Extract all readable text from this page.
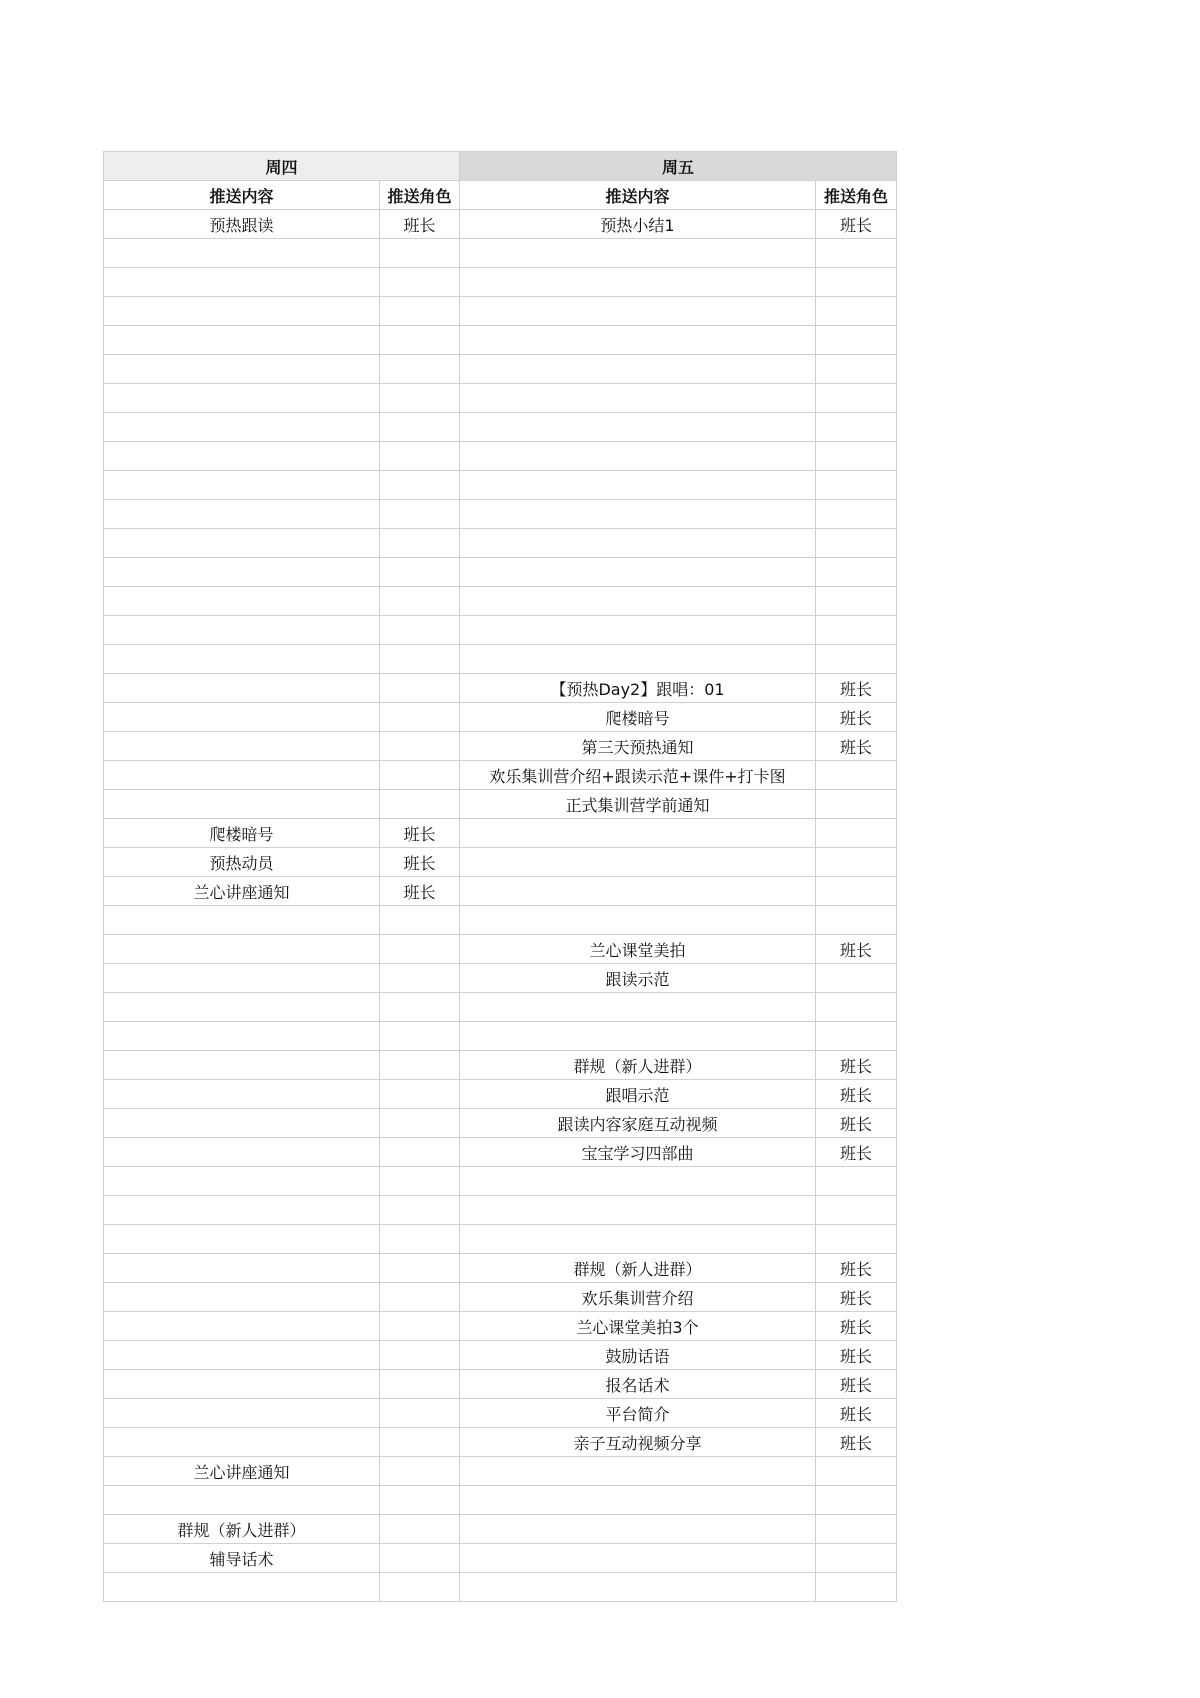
周四		周五	
推送内容	推送角色	推送内容	推送角色
预热跟读	班长	预热小结1	班长

		【预热Day2】跟唱：01	班长
		爬楼暗号	班长
		第三天预热通知	班长
		欢乐集训营介绍+跟读示范+课件+打卡图	
		正式集训营学前通知	
爬楼暗号	班长		
预热动员	班长		
兰心讲座通知	班长		

		兰心课堂美拍	班长
		跟读示范	

		群规（新人进群）	班长
		跟唱示范	班长
		跟读内容家庭互动视频	班长
		宝宝学习四部曲	班长

		群规（新人进群）	班长
		欢乐集训营介绍	班长
		兰心课堂美拍3个	班长
		鼓励话语	班长
		报名话术	班长
		平台简介	班长
		亲子互动视频分享	班长
兰心讲座通知			

群规（新人进群）			
辅导话术			
